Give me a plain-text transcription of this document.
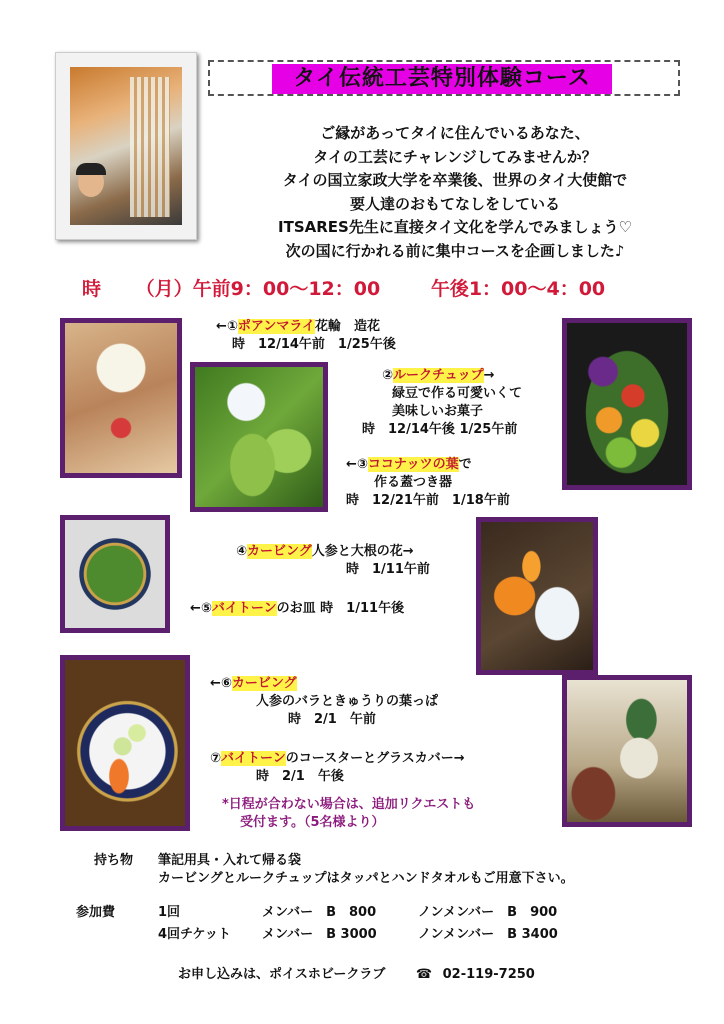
タイ伝統工芸特別体験コース
ご縁があってタイに住んでいるあなた、
タイの工芸にチャレンジしてみませんか？
タイの国立家政大学を卒業後、世界のタイ大使館で
要人達のおもてなしをしている
ITSARES先生に直接タイ文化を学んでみましょう♡
次の国に行かれる前に集中コースを企画しました♪
時 （月）午前9：00〜12：00	午後1：00〜4：00
←①ポアンマライ花輪　造花
時　12/14午前　1/25午後
②ルークチュップ→
緑豆で作る可愛いくて
美味しいお菓子
時　12/14午後 1/25午前
←③ココナッツの葉で
作る蓋つき器
時　12/21午前　1/18午前
④カービング人参と大根の花→
時　1/11午前
←⑤バイトーンのお皿 時　1/11午後
←⑥カービング
人参のバラときゅうりの葉っぱ
時　2/1　午前
⑦バイトーンのコースターとグラスカバー→
時　2/1　午後
*日程が合わない場合は、追加リクエストも
受付ます。（5名様より）
持ち物 筆記用具・入れて帰る袋
カービングとルークチュップはタッパとハンドタオルもご用意下さい。
参加費	1回	メンバー　B　800	ノンメンバー　B　900
4回チケット メンバー　B 3000	ノンメンバー　B 3400
お申し込みは、ポイスホビークラブ ☎ 02-119-7250
